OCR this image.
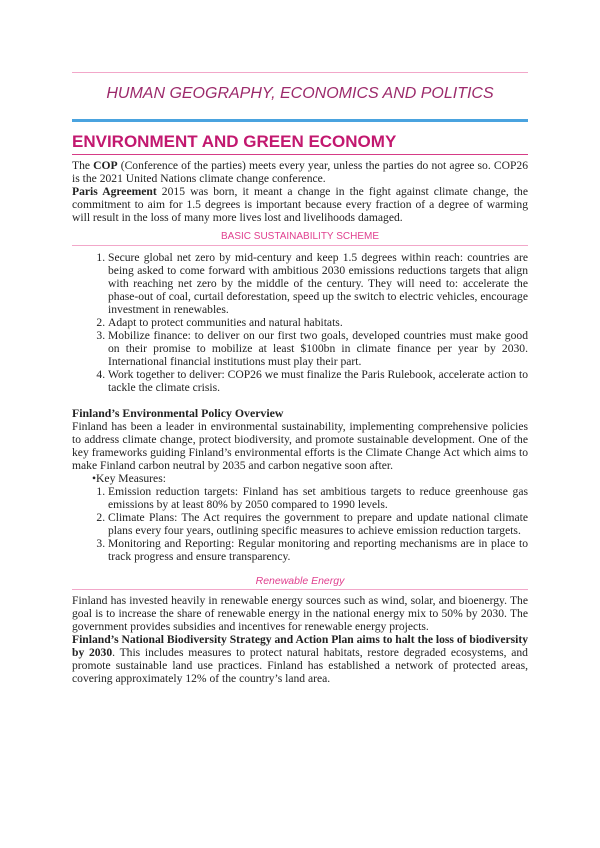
HUMAN GEOGRAPHY, ECONOMICS AND POLITICS
ENVIRONMENT AND GREEN ECONOMY

The COP (Conference of the parties) meets every year, unless the parties do not agree so. COP26 is the 2021 United Nations climate change conference.

Paris Agreement 2015 was born, it meant a change in the fight against climate change, the commitment to aim for 1.5 degrees is important because every fraction of a degree of warming will result in the loss of many more lives lost and livelihoods damaged.

BASIC SUSTAINABILITY SCHEME
1. Secure global net zero by mid-century and keep 1.5 degrees within reach: countries are being asked to come forward with ambitious 2030 emissions reductions targets that align with reaching net zero by the middle of the century. They will need to: accelerate the phase-out of coal, curtail deforestation, speed up the switch to electric vehicles, encourage investment in renewables.
2. Adapt to protect communities and natural habitats.
3. Mobilize finance: to deliver on our first two goals, developed countries must make good on their promise to mobilize at least $100bn in climate finance per year by 2030. International financial institutions must play their part.
4. Work together to deliver: COP26 we must finalize the Paris Rulebook, accelerate action to tackle the climate crisis.
Finland’s Environmental Policy Overview

Finland has been a leader in environmental sustainability, implementing comprehensive policies to address climate change, protect biodiversity, and promote sustainable development. One of the key frameworks guiding Finland’s environmental efforts is the Climate Change Act which aims to make Finland carbon neutral by 2035 and carbon negative soon after.

•Key Measures:
1. Emission reduction targets: Finland has set ambitious targets to reduce greenhouse gas emissions by at least 80% by 2050 compared to 1990 levels.
2. Climate Plans: The Act requires the government to prepare and update national climate plans every four years, outlining specific measures to achieve emission reduction targets.
3. Monitoring and Reporting: Regular monitoring and reporting mechanisms are in place to track progress and ensure transparency.
Renewable Energy

Finland has invested heavily in renewable energy sources such as wind, solar, and bioenergy. The goal is to increase the share of renewable energy in the national energy mix to 50% by 2030. The government provides subsidies and incentives for renewable energy projects.

Finland’s National Biodiversity Strategy and Action Plan aims to halt the loss of biodiversity by 2030. This includes measures to protect natural habitats, restore degraded ecosystems, and promote sustainable land use practices. Finland has established a network of protected areas, covering approximately 12% of the country’s land area.
